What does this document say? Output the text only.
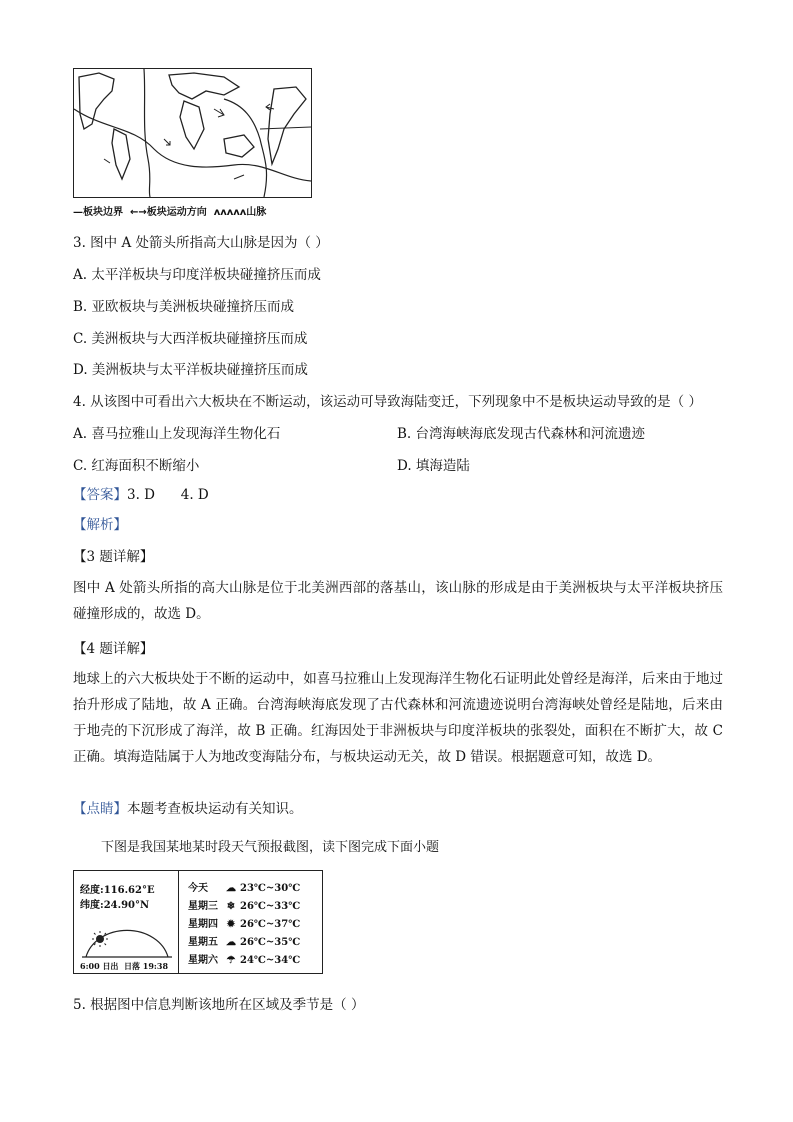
—板块边界 ←→板块运动方向 ʌʌʌʌʌ山脉
3. 图中 A 处箭头所指高大山脉是因为（ ）
A. 太平洋板块与印度洋板块碰撞挤压而成
B. 亚欧板块与美洲板块碰撞挤压而成
C. 美洲板块与大西洋板块碰撞挤压而成
D. 美洲板块与太平洋板块碰撞挤压而成
4. 从该图中可看出六大板块在不断运动，该运动可导致海陆变迁，下列现象中不是板块运动导致的是（ ）
A. 喜马拉雅山上发现海洋生物化石	B. 台湾海峡海底发现古代森林和河流遗迹
C. 红海面积不断缩小	D. 填海造陆
【答案】3. D      4. D
【解析】
【3 题详解】
图中 A 处箭头所指的高大山脉是位于北美洲西部的落基山，该山脉的形成是由于美洲板块与太平洋板块挤压碰撞形成的，故选 D。
【4 题详解】
地球上的六大板块处于不断的运动中，如喜马拉雅山上发现海洋生物化石证明此处曾经是海洋，后来由于地过抬升形成了陆地，故 A 正确。台湾海峡海底发现了古代森林和河流遗迹说明台湾海峡处曾经是陆地，后来由于地壳的下沉形成了海洋，故 B 正确。红海因处于非洲板块与印度洋板块的张裂处，面积在不断扩大，故 C 正确。填海造陆属于人为地改变海陆分布，与板块运动无关，故 D 错误。根据题意可知，故选 D。
【点睛】本题考查板块运动有关知识。
下图是我国某地某时段天气预报截图，读下图完成下面小题
经度:116.62°E
纬度:24.90°N
6:00 日出 日落 19:38
今天 ☁ 23℃~30℃
星期三 ❄ 26℃~33℃
星期四 ✹ 26℃~37℃
星期五 ☁ 26℃~35℃
星期六 ☂ 24℃~34℃
5. 根据图中信息判断该地所在区域及季节是（ ）
